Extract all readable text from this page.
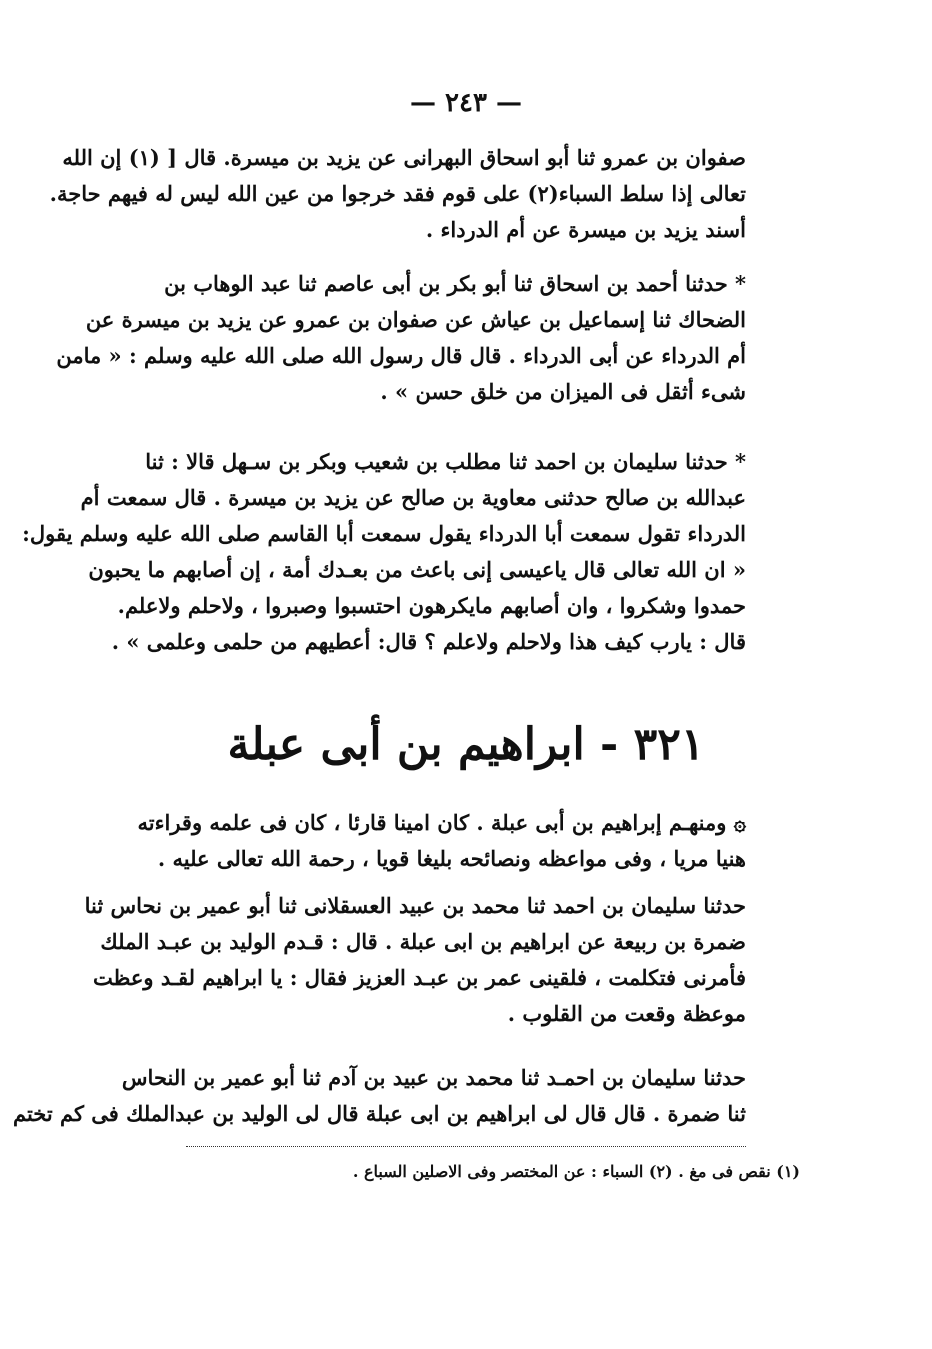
— ٢٤٣ —
صفوان بن عمرو ثنا أبو اسحاق البهرانى عن يزيد بن ميسرة. قال [ (١) إن الله
تعالى إذا سلط السباء(٢) على قوم فقد خرجوا من عين الله ليس له فيهم حاجة.
أسند يزيد بن ميسرة عن أم الدرداء .
* حدثنا أحمد بن اسحاق ثنا أبو بكر بن أبى عاصم ثنا عبد الوهاب بن
الضحاك ثنا إسماعيل بن عياش عن صفوان بن عمرو عن يزيد بن ميسرة عن
أم الدرداء عن أبى الدرداء . قال قال رسول الله صلى الله عليه وسلم : « مامن
شىء أثقل فى الميزان من خلق حسن » .
* حدثنا سليمان بن احمد ثنا مطلب بن شعيب وبكر بن سـهل قالا : ثنا
عبدالله بن صالح حدثنى معاوية بن صالح عن يزيد بن ميسرة . قال سمعت أم
الدرداء تقول سمعت أبا الدرداء يقول سمعت أبا القاسم صلى الله عليه وسلم يقول:
« ان الله تعالى قال ياعيسى إنى باعث من بعـدك أمة ، إن أصابهم ما يحبون
حمدوا وشكروا ، وان أصابهم مايكرهون احتسبوا وصبروا ، ولاحلم ولاعلم.
قال : يارب كيف هذا ولاحلم ولاعلم ؟ قال: أعطيهم من حلمى وعلمى » .
٣٢١ - ابراهيم بن أبى عبلة
۞ ومنهـم إبراهيم بن أبى عبلة . كان امينا قارئا ، كان فى علمه وقراءته
هنيا مريا ، وفى مواعظه ونصائحه بليغا قويا ، رحمة الله تعالى عليه .
حدثنا سليمان بن احمد ثنا محمد بن عبيد العسقلانى ثنا أبو عمير بن نحاس ثنا
ضمرة بن ربيعة عن ابراهيم بن ابى عبلة . قال : قـدم الوليد بن عبـد الملك
فأمرنى فتكلمت ، فلقينى عمر بن عبـد العزيز فقال : يا ابراهيم لقـد وعظت
موعظة وقعت من القلوب .
حدثنا سليمان بن احمـد ثنا محمد بن عبيد بن آدم ثنا أبو عمير بن النحاس
ثنا ضمرة . قال قال لى ابراهيم بن ابى عبلة قال لى الوليد بن عبدالملك فى كم تختم
(١) نقص فى مغ . (٢) السباء : عن المختصر وفى الاصلين السباع .
